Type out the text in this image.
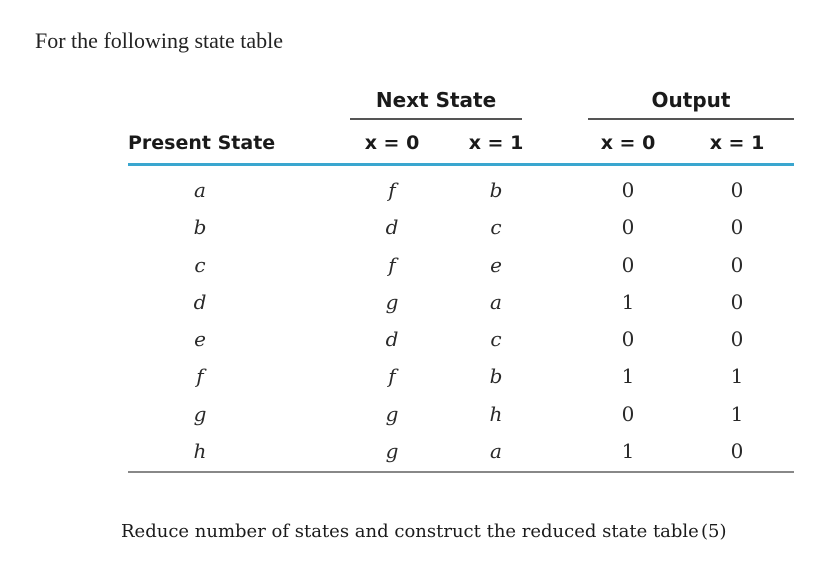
For the following state table
Next State	Output
Present State	x = 0	x = 1	x = 0	x = 1
a	f	b	0	0
b	d	c	0	0
c	f	e	0	0
d	g	a	1	0
e	d	c	0	0
f	f	b	1	1
g	g	h	0	1
h	g	a	1	0
Reduce number of states and construct the reduced state table (5)
